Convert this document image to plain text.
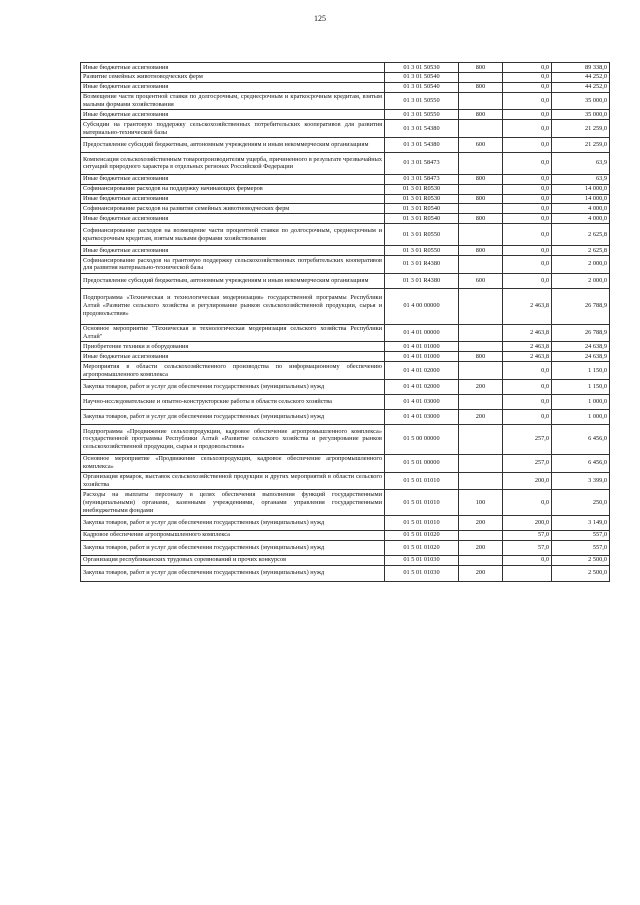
125
Иные бюджетные ассигнования	01 3 01 50530	800	0,0	89 338,0
Развитие семейных животноводческих ферм	01 3 01 50540		0,0	44 252,0
Иные бюджетные ассигнования	01 3 01 50540	800	0,0	44 252,0
Возмещение части процентной ставки по долгосрочным, среднесрочным и краткосрочным кредитам, взятым малыми формами хозяйствования	01 3 01 50550		0,0	35 000,0
Иные бюджетные ассигнования	01 3 01 50550	800	0,0	35 000,0
Субсидии на грантовую поддержку сельскохозяйственных потребительских кооперативов для развития материально-технической базы	01 3 01 54380		0,0	21 259,0
Предоставление субсидий бюджетным, автономным учреждениям и иным некоммерческим организациям	01 3 01 54380	600	0,0	21 259,0
Компенсация сельскохозяйственным товаропроизводителям ущерба, причиненного в результате чрезвычайных ситуаций природного характера в отдельных регионах Российской Федерации	01 3 01 58473		0,0	63,9
Иные бюджетные ассигнования	01 3 01 58473	800	0,0	63,9
Софинансирование расходов на поддержку начинающих фермеров	01 3 01 R0530		0,0	14 000,0
Иные бюджетные ассигнования	01 3 01 R0530	800	0,0	14 000,0
Софинансирование расходов на развитие семейных животноводческих ферм	01 3 01 R0540		0,0	4 000,0
Иные бюджетные ассигнования	01 3 01 R0540	800	0,0	4 000,0
Софинансирование расходов на возмещение части процентной ставки по долгосрочным, среднесрочным и краткосрочным кредитам, взятым малыми формами хозяйствования	01 3 01 R0550		0,0	2 625,8
Иные бюджетные ассигнования	01 3 01 R0550	800	0,0	2 625,8
Софинансирование расходов на грантовую поддержку сельскохозяйственных потребительских кооперативов для развития материально-технической базы	01 3 01 R4380		0,0	2 000,0
Предоставление субсидий бюджетным, автономным учреждениям и иным некоммерческим организациям	01 3 01 R4380	600	0,0	2 000,0
Подпрограмма «Техническая и технологическая модернизация» государственной программы Республики Алтай «Развитие сельского хозяйства и регулирование рынков сельскохозяйственной продукции, сырья и продовольствия»	01 4 00 00000		2 463,8	26 788,9
Основное мероприятие "Техническая и технологическая модернизация сельского хозяйства Республики Алтай"	01 4 01 00000		2 463,8	26 788,9
Приобретение техники и оборудования	01 4 01 01000		2 463,8	24 638,9
Иные бюджетные ассигнования	01 4 01 01000	800	2 463,8	24 638,9
Мероприятия в области сельскохозяйственного производства по информационному обеспечению агропромышленного комплекса	01 4 01 02000		0,0	1 150,0
Закупка товаров, работ и услуг для обеспечения государственных (муниципальных) нужд	01 4 01 02000	200	0,0	1 150,0
Научно-исследовательские и опытно-конструкторские работы в области сельского хозяйства	01 4 01 03000		0,0	1 000,0
Закупка товаров, работ и услуг для обеспечения государственных (муниципальных) нужд	01 4 01 03000	200	0,0	1 000,0
Подпрограмма «Продвижение сельхозпродукции, кадровое обеспечение агропромышленного комплекса» государственной программы Республики Алтай «Развитие сельского хозяйства и регулирование рынков сельскохозяйственной продукции, сырья и продовольствия»	01 5 00 00000		257,0	6 456,0
Основное мероприятие «Продвижение сельхозпродукции, кадровое обеспечение агропромышленного комплекса»	01 5 01 00000		257,0	6 456,0
Организация ярмарок, выставок сельскохозяйственной продукции и других мероприятий в области сельского хозяйства	01 5 01 01010		200,0	3 399,0
Расходы на выплаты персоналу в целях обеспечения выполнения функций государственными (муниципальными) органами, казенными учреждениями, органами управления государственными внебюджетными фондами	01 5 01 01010	100	0,0	250,0
Закупка товаров, работ и услуг для обеспечения государственных (муниципальных) нужд	01 5 01 01010	200	200,0	3 149,0
Кадровое обеспечение агропромышленного комплекса	01 5 01 01020		57,0	557,0
Закупка товаров, работ и услуг для обеспечения государственных (муниципальных) нужд	01 5 01 01020	200	57,0	557,0
Организация республиканских трудовых соревнований и прочих конкурсов	01 5 01 01030		0,0	2 500,0
Закупка товаров, работ и услуг для обеспечения государственных (муниципальных) нужд	01 5 01 01030	200		2 500,0
